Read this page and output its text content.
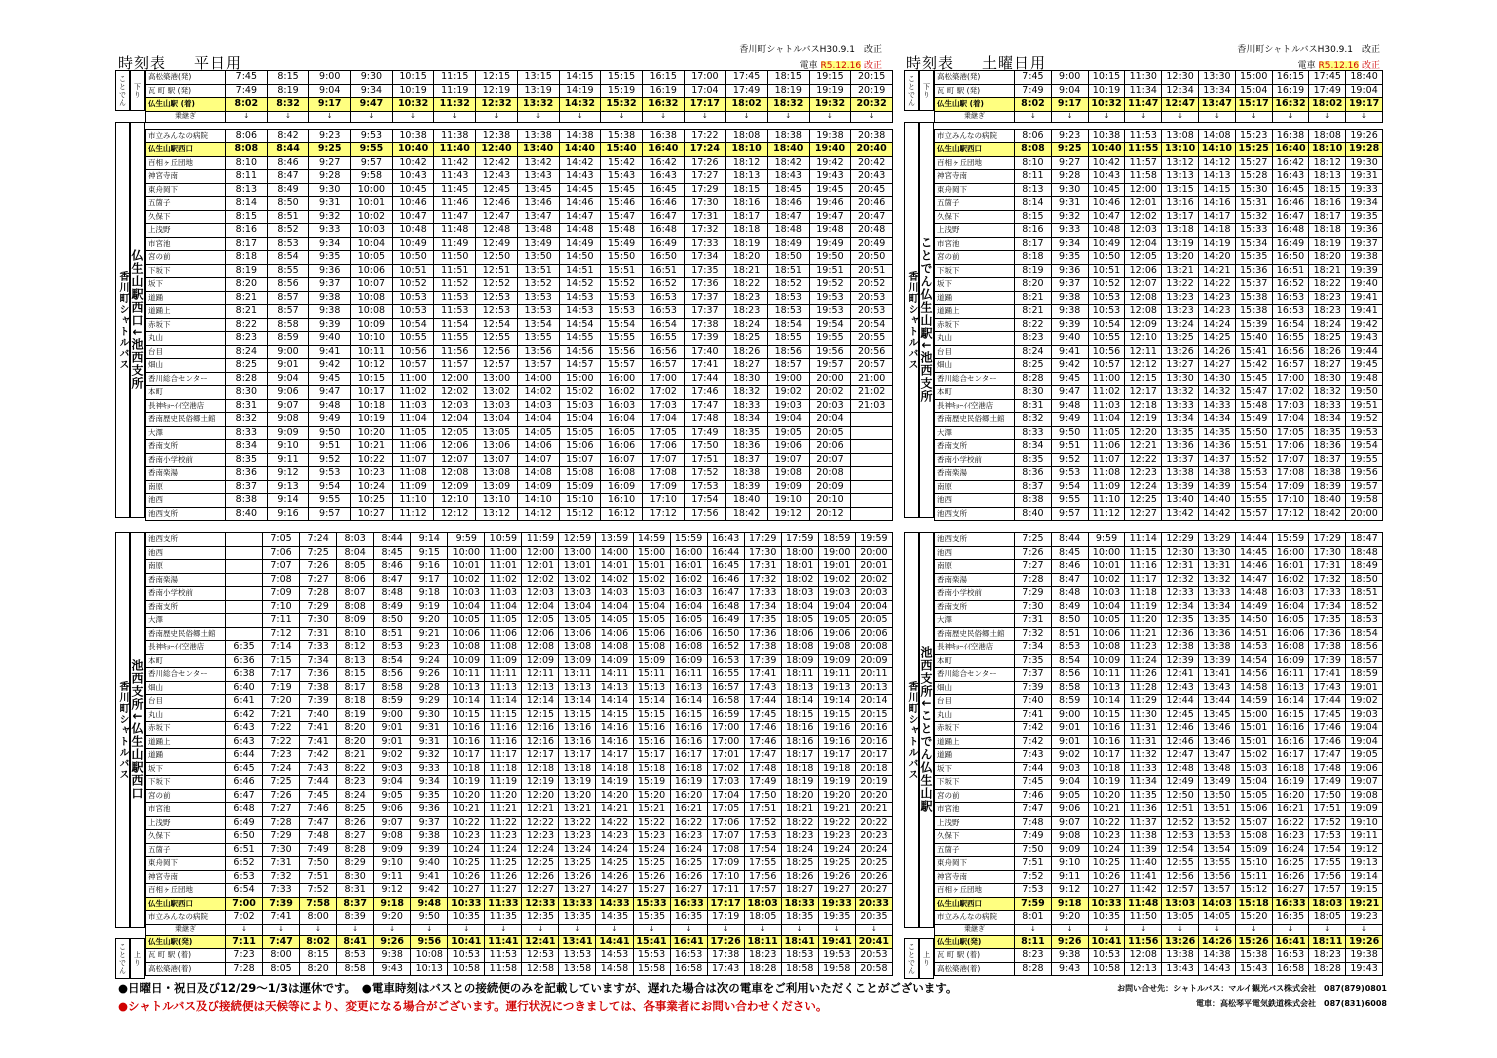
時刻表 平日用
香川町シャトルバスH30.9.1　改正
電車 R5.12.16 改正 時刻表 土曜日用
香川町シャトルバスH30.9.1　改正
電車 R5.12.16 改正
ことでん	下り
香川町シャトルバス 仏生山駅西口↓池西支所
ことでん	下り
香川町シャトルバス ことでん仏生山駅↓池西支所
香川町シャトルバス 池西支所↓仏生山駅西口
ことでん	上り
香川町シャトルバス 池西支所↓ことでん仏生山駅
ことでん	上り
高松築港(発)	7:45	8:15	9:00	9:30	10:15	11:15	12:15	13:15	14:15	15:15	16:15	17:00	17:45	18:15	19:15	20:15
瓦 町 駅 (発)	7:49	8:19	9:04	9:34	10:19	11:19	12:19	13:19	14:19	15:19	16:19	17:04	17:49	18:19	19:19	20:19
仏生山駅 (着)	8:02	8:32	9:17	9:47	10:32	11:32	12:32	13:32	14:32	15:32	16:32	17:17	18:02	18:32	19:32	20:32
乗継ぎ	↓	↓	↓	↓	↓	↓	↓	↓	↓	↓	↓	↓	↓	↓	↓	↓

市立みんなの病院	8:06	8:42	9:23	9:53	10:38	11:38	12:38	13:38	14:38	15:38	16:38	17:22	18:08	18:38	19:38	20:38
仏生山駅西口	8:08	8:44	9:25	9:55	10:40	11:40	12:40	13:40	14:40	15:40	16:40	17:24	18:10	18:40	19:40	20:40
百相ヶ丘団地	8:10	8:46	9:27	9:57	10:42	11:42	12:42	13:42	14:42	15:42	16:42	17:26	18:12	18:42	19:42	20:42
神宮寺南	8:11	8:47	9:28	9:58	10:43	11:43	12:43	13:43	14:43	15:43	16:43	17:27	18:13	18:43	19:43	20:43
東舟岡下	8:13	8:49	9:30	10:00	10:45	11:45	12:45	13:45	14:45	15:45	16:45	17:29	18:15	18:45	19:45	20:45
五箇子	8:14	8:50	9:31	10:01	10:46	11:46	12:46	13:46	14:46	15:46	16:46	17:30	18:16	18:46	19:46	20:46
久保下	8:15	8:51	9:32	10:02	10:47	11:47	12:47	13:47	14:47	15:47	16:47	17:31	18:17	18:47	19:47	20:47
上浅野	8:16	8:52	9:33	10:03	10:48	11:48	12:48	13:48	14:48	15:48	16:48	17:32	18:18	18:48	19:48	20:48
市宮池	8:17	8:53	9:34	10:04	10:49	11:49	12:49	13:49	14:49	15:49	16:49	17:33	18:19	18:49	19:49	20:49
宮の前	8:18	8:54	9:35	10:05	10:50	11:50	12:50	13:50	14:50	15:50	16:50	17:34	18:20	18:50	19:50	20:50
下坂下	8:19	8:55	9:36	10:06	10:51	11:51	12:51	13:51	14:51	15:51	16:51	17:35	18:21	18:51	19:51	20:51
坂下	8:20	8:56	9:37	10:07	10:52	11:52	12:52	13:52	14:52	15:52	16:52	17:36	18:22	18:52	19:52	20:52
道踊	8:21	8:57	9:38	10:08	10:53	11:53	12:53	13:53	14:53	15:53	16:53	17:37	18:23	18:53	19:53	20:53
道踊上	8:21	8:57	9:38	10:08	10:53	11:53	12:53	13:53	14:53	15:53	16:53	17:37	18:23	18:53	19:53	20:53
赤坂下	8:22	8:58	9:39	10:09	10:54	11:54	12:54	13:54	14:54	15:54	16:54	17:38	18:24	18:54	19:54	20:54
丸山	8:23	8:59	9:40	10:10	10:55	11:55	12:55	13:55	14:55	15:55	16:55	17:39	18:25	18:55	19:55	20:55
台目	8:24	9:00	9:41	10:11	10:56	11:56	12:56	13:56	14:56	15:56	16:56	17:40	18:26	18:56	19:56	20:56
畑山	8:25	9:01	9:42	10:12	10:57	11:57	12:57	13:57	14:57	15:57	16:57	17:41	18:27	18:57	19:57	20:57
香川総合センター	8:28	9:04	9:45	10:15	11:00	12:00	13:00	14:00	15:00	16:00	17:00	17:44	18:30	19:00	20:00	21:00
本町	8:30	9:06	9:47	10:17	11:02	12:02	13:02	14:02	15:02	16:02	17:02	17:46	18:32	19:02	20:02	21:02
長神ｷｮｰｲｲ空港店	8:31	9:07	9:48	10:18	11:03	12:03	13:03	14:03	15:03	16:03	17:03	17:47	18:33	19:03	20:03	21:03
香南歴史民俗郷土館	8:32	9:08	9:49	10:19	11:04	12:04	13:04	14:04	15:04	16:04	17:04	17:48	18:34	19:04	20:04	
大澤	8:33	9:09	9:50	10:20	11:05	12:05	13:05	14:05	15:05	16:05	17:05	17:49	18:35	19:05	20:05	
香南支所	8:34	9:10	9:51	10:21	11:06	12:06	13:06	14:06	15:06	16:06	17:06	17:50	18:36	19:06	20:06	
香南小学校前	8:35	9:11	9:52	10:22	11:07	12:07	13:07	14:07	15:07	16:07	17:07	17:51	18:37	19:07	20:07	
香南楽湯	8:36	9:12	9:53	10:23	11:08	12:08	13:08	14:08	15:08	16:08	17:08	17:52	18:38	19:08	20:08	
南原	8:37	9:13	9:54	10:24	11:09	12:09	13:09	14:09	15:09	16:09	17:09	17:53	18:39	19:09	20:09	
池西	8:38	9:14	9:55	10:25	11:10	12:10	13:10	14:10	15:10	16:10	17:10	17:54	18:40	19:10	20:10	
池西支所	8:40	9:16	9:57	10:27	11:12	12:12	13:12	14:12	15:12	16:12	17:12	17:56	18:42	19:12	20:12	
高松築港(発)	7:45	9:00	10:15	11:30	12:30	13:30	15:00	16:15	17:45	18:40
瓦 町 駅 (発)	7:49	9:04	10:19	11:34	12:34	13:34	15:04	16:19	17:49	19:04
仏生山駅 (着)	8:02	9:17	10:32	11:47	12:47	13:47	15:17	16:32	18:02	19:17
乗継ぎ	↓	↓	↓	↓	↓	↓	↓	↓	↓	↓

市立みんなの病院	8:06	9:23	10:38	11:53	13:08	14:08	15:23	16:38	18:08	19:26
仏生山駅西口	8:08	9:25	10:40	11:55	13:10	14:10	15:25	16:40	18:10	19:28
百相ヶ丘団地	8:10	9:27	10:42	11:57	13:12	14:12	15:27	16:42	18:12	19:30
神宮寺南	8:11	9:28	10:43	11:58	13:13	14:13	15:28	16:43	18:13	19:31
東舟岡下	8:13	9:30	10:45	12:00	13:15	14:15	15:30	16:45	18:15	19:33
五箇子	8:14	9:31	10:46	12:01	13:16	14:16	15:31	16:46	18:16	19:34
久保下	8:15	9:32	10:47	12:02	13:17	14:17	15:32	16:47	18:17	19:35
上浅野	8:16	9:33	10:48	12:03	13:18	14:18	15:33	16:48	18:18	19:36
市宮池	8:17	9:34	10:49	12:04	13:19	14:19	15:34	16:49	18:19	19:37
宮の前	8:18	9:35	10:50	12:05	13:20	14:20	15:35	16:50	18:20	19:38
下坂下	8:19	9:36	10:51	12:06	13:21	14:21	15:36	16:51	18:21	19:39
坂下	8:20	9:37	10:52	12:07	13:22	14:22	15:37	16:52	18:22	19:40
道踊	8:21	9:38	10:53	12:08	13:23	14:23	15:38	16:53	18:23	19:41
道踊上	8:21	9:38	10:53	12:08	13:23	14:23	15:38	16:53	18:23	19:41
赤坂下	8:22	9:39	10:54	12:09	13:24	14:24	15:39	16:54	18:24	19:42
丸山	8:23	9:40	10:55	12:10	13:25	14:25	15:40	16:55	18:25	19:43
台目	8:24	9:41	10:56	12:11	13:26	14:26	15:41	16:56	18:26	19:44
畑山	8:25	9:42	10:57	12:12	13:27	14:27	15:42	16:57	18:27	19:45
香川総合センター	8:28	9:45	11:00	12:15	13:30	14:30	15:45	17:00	18:30	19:48
本町	8:30	9:47	11:02	12:17	13:32	14:32	15:47	17:02	18:32	19:50
長神ｷｮｰｲｲ空港店	8:31	9:48	11:03	12:18	13:33	14:33	15:48	17:03	18:33	19:51
香南歴史民俗郷土館	8:32	9:49	11:04	12:19	13:34	14:34	15:49	17:04	18:34	19:52
大澤	8:33	9:50	11:05	12:20	13:35	14:35	15:50	17:05	18:35	19:53
香南支所	8:34	9:51	11:06	12:21	13:36	14:36	15:51	17:06	18:36	19:54
香南小学校前	8:35	9:52	11:07	12:22	13:37	14:37	15:52	17:07	18:37	19:55
香南楽湯	8:36	9:53	11:08	12:23	13:38	14:38	15:53	17:08	18:38	19:56
南原	8:37	9:54	11:09	12:24	13:39	14:39	15:54	17:09	18:39	19:57
池西	8:38	9:55	11:10	12:25	13:40	14:40	15:55	17:10	18:40	19:58
池西支所	8:40	9:57	11:12	12:27	13:42	14:42	15:57	17:12	18:42	20:00
池西支所		7:05	7:24	8:03	8:44	9:14	9:59	10:59	11:59	12:59	13:59	14:59	15:59	16:43	17:29	17:59	18:59	19:59
池西		7:06	7:25	8:04	8:45	9:15	10:00	11:00	12:00	13:00	14:00	15:00	16:00	16:44	17:30	18:00	19:00	20:00
南原		7:07	7:26	8:05	8:46	9:16	10:01	11:01	12:01	13:01	14:01	15:01	16:01	16:45	17:31	18:01	19:01	20:01
香南楽湯		7:08	7:27	8:06	8:47	9:17	10:02	11:02	12:02	13:02	14:02	15:02	16:02	16:46	17:32	18:02	19:02	20:02
香南小学校前		7:09	7:28	8:07	8:48	9:18	10:03	11:03	12:03	13:03	14:03	15:03	16:03	16:47	17:33	18:03	19:03	20:03
香南支所		7:10	7:29	8:08	8:49	9:19	10:04	11:04	12:04	13:04	14:04	15:04	16:04	16:48	17:34	18:04	19:04	20:04
大澤		7:11	7:30	8:09	8:50	9:20	10:05	11:05	12:05	13:05	14:05	15:05	16:05	16:49	17:35	18:05	19:05	20:05
香南歴史民俗郷土館		7:12	7:31	8:10	8:51	9:21	10:06	11:06	12:06	13:06	14:06	15:06	16:06	16:50	17:36	18:06	19:06	20:06
長神ｷｮｰｲｲ空港店	6:35	7:14	7:33	8:12	8:53	9:23	10:08	11:08	12:08	13:08	14:08	15:08	16:08	16:52	17:38	18:08	19:08	20:08
本町	6:36	7:15	7:34	8:13	8:54	9:24	10:09	11:09	12:09	13:09	14:09	15:09	16:09	16:53	17:39	18:09	19:09	20:09
香川総合センター	6:38	7:17	7:36	8:15	8:56	9:26	10:11	11:11	12:11	13:11	14:11	15:11	16:11	16:55	17:41	18:11	19:11	20:11
畑山	6:40	7:19	7:38	8:17	8:58	9:28	10:13	11:13	12:13	13:13	14:13	15:13	16:13	16:57	17:43	18:13	19:13	20:13
台目	6:41	7:20	7:39	8:18	8:59	9:29	10:14	11:14	12:14	13:14	14:14	15:14	16:14	16:58	17:44	18:14	19:14	20:14
丸山	6:42	7:21	7:40	8:19	9:00	9:30	10:15	11:15	12:15	13:15	14:15	15:15	16:15	16:59	17:45	18:15	19:15	20:15
赤坂下	6:43	7:22	7:41	8:20	9:01	9:31	10:16	11:16	12:16	13:16	14:16	15:16	16:16	17:00	17:46	18:16	19:16	20:16
道踊上	6:43	7:22	7:41	8:20	9:01	9:31	10:16	11:16	12:16	13:16	14:16	15:16	16:16	17:00	17:46	18:16	19:16	20:16
道踊	6:44	7:23	7:42	8:21	9:02	9:32	10:17	11:17	12:17	13:17	14:17	15:17	16:17	17:01	17:47	18:17	19:17	20:17
坂下	6:45	7:24	7:43	8:22	9:03	9:33	10:18	11:18	12:18	13:18	14:18	15:18	16:18	17:02	17:48	18:18	19:18	20:18
下坂下	6:46	7:25	7:44	8:23	9:04	9:34	10:19	11:19	12:19	13:19	14:19	15:19	16:19	17:03	17:49	18:19	19:19	20:19
宮の前	6:47	7:26	7:45	8:24	9:05	9:35	10:20	11:20	12:20	13:20	14:20	15:20	16:20	17:04	17:50	18:20	19:20	20:20
市宮池	6:48	7:27	7:46	8:25	9:06	9:36	10:21	11:21	12:21	13:21	14:21	15:21	16:21	17:05	17:51	18:21	19:21	20:21
上浅野	6:49	7:28	7:47	8:26	9:07	9:37	10:22	11:22	12:22	13:22	14:22	15:22	16:22	17:06	17:52	18:22	19:22	20:22
久保下	6:50	7:29	7:48	8:27	9:08	9:38	10:23	11:23	12:23	13:23	14:23	15:23	16:23	17:07	17:53	18:23	19:23	20:23
五箇子	6:51	7:30	7:49	8:28	9:09	9:39	10:24	11:24	12:24	13:24	14:24	15:24	16:24	17:08	17:54	18:24	19:24	20:24
東舟岡下	6:52	7:31	7:50	8:29	9:10	9:40	10:25	11:25	12:25	13:25	14:25	15:25	16:25	17:09	17:55	18:25	19:25	20:25
神宮寺南	6:53	7:32	7:51	8:30	9:11	9:41	10:26	11:26	12:26	13:26	14:26	15:26	16:26	17:10	17:56	18:26	19:26	20:26
百相ヶ丘団地	6:54	7:33	7:52	8:31	9:12	9:42	10:27	11:27	12:27	13:27	14:27	15:27	16:27	17:11	17:57	18:27	19:27	20:27
仏生山駅西口	7:00	7:39	7:58	8:37	9:18	9:48	10:33	11:33	12:33	13:33	14:33	15:33	16:33	17:17	18:03	18:33	19:33	20:33
市立みんなの病院	7:02	7:41	8:00	8:39	9:20	9:50	10:35	11:35	12:35	13:35	14:35	15:35	16:35	17:19	18:05	18:35	19:35	20:35
乗継ぎ	↓	↓	↓	↓	↓	↓	↓	↓	↓	↓	↓	↓	↓	↓	↓	↓	↓	↓
仏生山駅(発)	7:11	7:47	8:02	8:41	9:26	9:56	10:41	11:41	12:41	13:41	14:41	15:41	16:41	17:26	18:11	18:41	19:41	20:41
瓦 町 駅 (着)	7:23	8:00	8:15	8:53	9:38	10:08	10:53	11:53	12:53	13:53	14:53	15:53	16:53	17:38	18:23	18:53	19:53	20:53
高松築港(着)	7:28	8:05	8:20	8:58	9:43	10:13	10:58	11:58	12:58	13:58	14:58	15:58	16:58	17:43	18:28	18:58	19:58	20:58
池西支所	7:25	8:44	9:59	11:14	12:29	13:29	14:44	15:59	17:29	18:47
池西	7:26	8:45	10:00	11:15	12:30	13:30	14:45	16:00	17:30	18:48
南原	7:27	8:46	10:01	11:16	12:31	13:31	14:46	16:01	17:31	18:49
香南楽湯	7:28	8:47	10:02	11:17	12:32	13:32	14:47	16:02	17:32	18:50
香南小学校前	7:29	8:48	10:03	11:18	12:33	13:33	14:48	16:03	17:33	18:51
香南支所	7:30	8:49	10:04	11:19	12:34	13:34	14:49	16:04	17:34	18:52
大澤	7:31	8:50	10:05	11:20	12:35	13:35	14:50	16:05	17:35	18:53
香南歴史民俗郷土館	7:32	8:51	10:06	11:21	12:36	13:36	14:51	16:06	17:36	18:54
長神ｷｮｰｲｲ空港店	7:34	8:53	10:08	11:23	12:38	13:38	14:53	16:08	17:38	18:56
本町	7:35	8:54	10:09	11:24	12:39	13:39	14:54	16:09	17:39	18:57
香川総合センター	7:37	8:56	10:11	11:26	12:41	13:41	14:56	16:11	17:41	18:59
畑山	7:39	8:58	10:13	11:28	12:43	13:43	14:58	16:13	17:43	19:01
台目	7:40	8:59	10:14	11:29	12:44	13:44	14:59	16:14	17:44	19:02
丸山	7:41	9:00	10:15	11:30	12:45	13:45	15:00	16:15	17:45	19:03
赤坂下	7:42	9:01	10:16	11:31	12:46	13:46	15:01	16:16	17:46	19:04
道踊上	7:42	9:01	10:16	11:31	12:46	13:46	15:01	16:16	17:46	19:04
道踊	7:43	9:02	10:17	11:32	12:47	13:47	15:02	16:17	17:47	19:05
坂下	7:44	9:03	10:18	11:33	12:48	13:48	15:03	16:18	17:48	19:06
下坂下	7:45	9:04	10:19	11:34	12:49	13:49	15:04	16:19	17:49	19:07
宮の前	7:46	9:05	10:20	11:35	12:50	13:50	15:05	16:20	17:50	19:08
市宮池	7:47	9:06	10:21	11:36	12:51	13:51	15:06	16:21	17:51	19:09
上浅野	7:48	9:07	10:22	11:37	12:52	13:52	15:07	16:22	17:52	19:10
久保下	7:49	9:08	10:23	11:38	12:53	13:53	15:08	16:23	17:53	19:11
五箇子	7:50	9:09	10:24	11:39	12:54	13:54	15:09	16:24	17:54	19:12
東舟岡下	7:51	9:10	10:25	11:40	12:55	13:55	15:10	16:25	17:55	19:13
神宮寺南	7:52	9:11	10:26	11:41	12:56	13:56	15:11	16:26	17:56	19:14
百相ヶ丘団地	7:53	9:12	10:27	11:42	12:57	13:57	15:12	16:27	17:57	19:15
仏生山駅西口	7:59	9:18	10:33	11:48	13:03	14:03	15:18	16:33	18:03	19:21
市立みんなの病院	8:01	9:20	10:35	11:50	13:05	14:05	15:20	16:35	18:05	19:23
乗継ぎ	↓	↓	↓	↓	↓	↓	↓	↓	↓	↓
仏生山駅(発)	8:11	9:26	10:41	11:56	13:26	14:26	15:26	16:41	18:11	19:26
瓦 町 駅 (着)	8:23	9:38	10:53	12:08	13:38	14:38	15:38	16:53	18:23	19:38
高松築港(着)	8:28	9:43	10:58	12:13	13:43	14:43	15:43	16:58	18:28	19:43
●日曜日・祝日及び12/29〜1/3は運休です。　 ●電車時刻はバスとの接続便のみを記載していますが、遅れた場合は次の電車をご利用いただくことがございます。
●シャトルバス及び接続便は天候等により、変更になる場合がございます。運行状況につきましては、各事業者にお問い合わせください。
お問い合せ先：シャトルバス：マルイ観光バス株式会社　087(879)0801
電車：高松琴平電気鉄道株式会社　087(831)6008
